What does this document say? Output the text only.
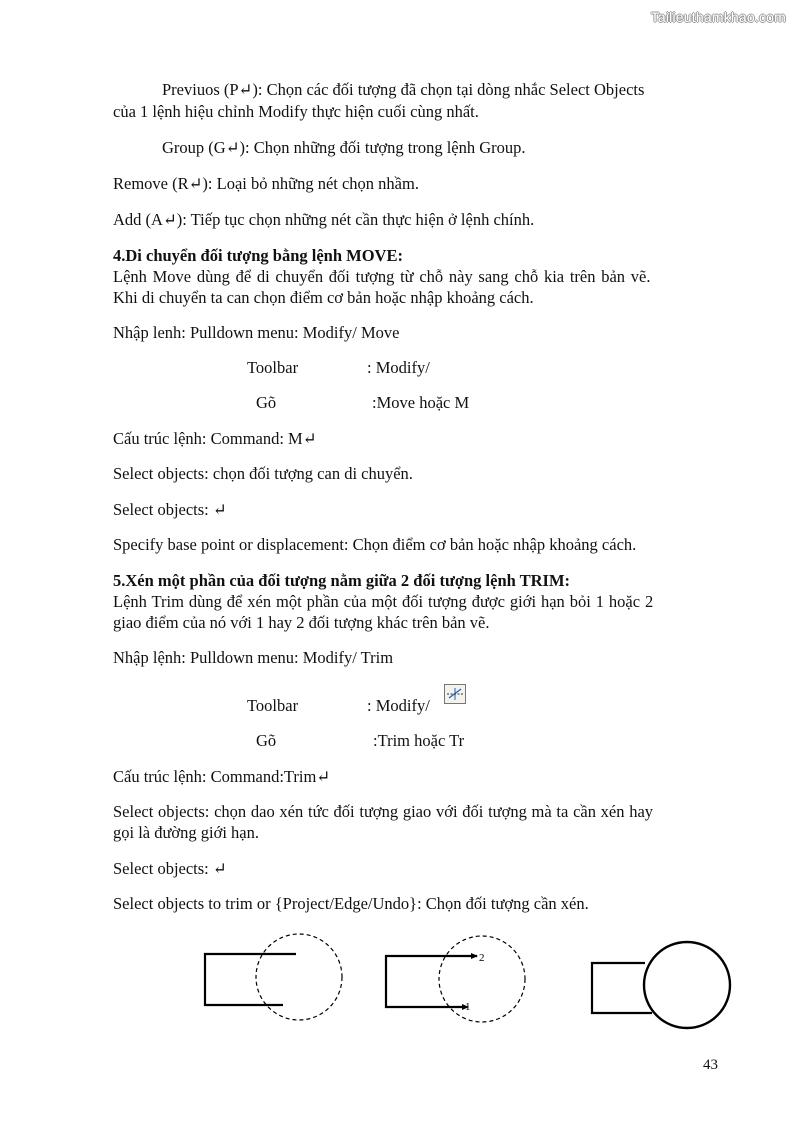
Tailieuthamkhao.com
Previuos (P↵): Chọn các đối tượng đã chọn tại dòng nhắc Select Objects
của 1 lệnh hiệu chỉnh Modify thực hiện cuối cùng nhất.
Group (G↵): Chọn những đối tượng trong lệnh Group.
Remove (R↵): Loại bỏ những nét chọn nhầm.
Add (A↵): Tiếp tục chọn những nét cần thực hiện ở lệnh chính.
4.Di chuyển đối tượng bằng lệnh MOVE:
Lệnh Move dùng để di chuyển đối tượng từ chỗ này sang chỗ kia trên bản vẽ.
Khi di chuyển ta can chọn điểm cơ bản hoặc nhập khoảng cách.
Nhập lenh: Pulldown menu: Modify/ Move
Toolbar	: Modify/
Gõ	:Move hoặc M
Cấu trúc lệnh: Command: M↵
Select objects: chọn đối tượng can di chuyển.
Select objects: ↵
Specify base point or displacement: Chọn điểm cơ bản hoặc nhập khoảng cách.
5.Xén một phần của đối tượng nằm giữa 2 đối tượng lệnh TRIM:
Lệnh Trim dùng để xén một phần của một đối tượng được giới hạn bỏi 1 hoặc 2
giao điểm của nó với 1 hay 2 đối tượng khác trên bản vẽ.
Nhập lệnh: Pulldown menu: Modify/ Trim
Toolbar	: Modify/
Gõ	:Trim hoặc Tr
Cấu trúc lệnh: Command:Trim↵
Select objects: chọn dao xén tức đối tượng giao với đối tượng mà ta cần xén hay
gọi là đường giới hạn.
Select objects: ↵
Select objects to trim or {Project/Edge/Undo}: Chọn đối tượng cần xén.
2
1
43
